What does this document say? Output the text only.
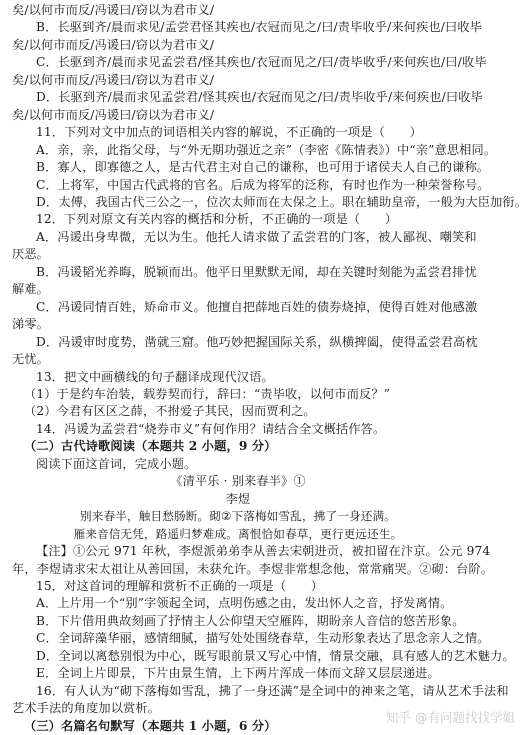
矣/以何市而反/冯谖曰/窃以为君市义/
B．长驱到齐/晨而求见/孟尝君怪其疾也/衣冠而见之/曰/责毕收乎/来何疾也/曰收毕
矣/以何市而反/冯谖曰/窃以为君市义/
C．长驱到齐/晨而求见孟尝君/怪其疾也/衣冠而见之/曰/责毕收乎/来何疾也/曰/收毕
矣/以何市而反/冯谖曰/窃以为君市义/
D．长驱到齐/晨而求见孟尝君/怪其疾也/衣冠而见之/曰/责毕收乎/来何疾也/曰收毕
矣/以何市而反/冯谖曰/窃以为君市义/
11．下列对文中加点的词语相关内容的解说，不正确的一项是（　　）
A．亲，亲，此指父母，与“外无期功强近之亲”（李密《陈情表》）中“亲”意思相同。
B．寡人，即寡德之人，是古代君主对自己的谦称，也可用于诸侯夫人自己的谦称。
C．上将军，中国古代武将的官名。后成为将军的泛称，有时也作为一种荣誉称号。
D．太傅，我国古代三公之一，位次太师而在太保之上。职在辅助皇帝，一般为大臣加衔。
12．下列对原文有关内容的概括和分析，不正确的一项是（　　）
A．冯谖出身卑微，无以为生。他托人请求做了孟尝君的门客，被人鄙视、嘲笑和
厌恶。
B．冯谖韬光养晦，脱颖而出。他平日里默默无闻，却在关键时刻能为孟尝君排忧
解难。
C．冯谖同情百姓，矫命市义。他擅自把薛地百姓的债券烧掉，使得百姓对他感激
涕零。
D．冯谖审时度势，凿就三窟。他巧妙把握国际关系，纵横捭阖，使得孟尝君高枕
无忧。
13．把文中画横线的句子翻译成现代汉语。
（1）于是约车治装，载券契而行，辞曰：“责毕收，以何市而反？”
（2）今君有区区之薛，不拊爱子其民，因而贾利之。
14．冯谖为孟尝君“烧券市义”有何作用？请结合全文概括作答。
（二）古代诗歌阅读（本题共 2 小题，9 分）
阅读下面这首词，完成小题。
《清平乐 · 别来春半》①
李煜
别来春半，触目愁肠断。砌②下落梅如雪乱，拂了一身还满。
雁来音信无凭，路遥归梦难成。离恨恰如春草，更行更远还生。
【注】①公元 971 年秋，李煜派弟弟李从善去宋朝进贡，被扣留在汴京。公元 974
年，李煜请求宋太祖让从善回国，未获允许。李煜非常想念他，常常痛哭。②砌：台阶。
15．对这首词的理解和赏析不正确的一项是（　　）
A．上片用一个“别”字领起全词，点明伤感之由，发出怀人之音，抒发离情。
B．下片借用典故刻画了抒情主人公仰望天空雁阵，期盼亲人音信的悠苦形象。
C．全词辞藻华丽，感情细腻，描写处处围绕春草，生动形象表达了思念亲人之情。
D．全词以离愁别恨为中心，既写眼前景又写心中情，情景交融，具有感人的艺术魅力。
E．全词上片即景，下片由景生情，上下两片浑成一体而文辞又层层递进。
16．有人认为“砌下落梅如雪乱，拂了一身还满”是全词中的神来之笔，请从艺术手法和
艺术手法的角度加以赏析。
（三）名篇名句默写（本题共 1 小题，6 分）
知乎 @有问题找找学姐
